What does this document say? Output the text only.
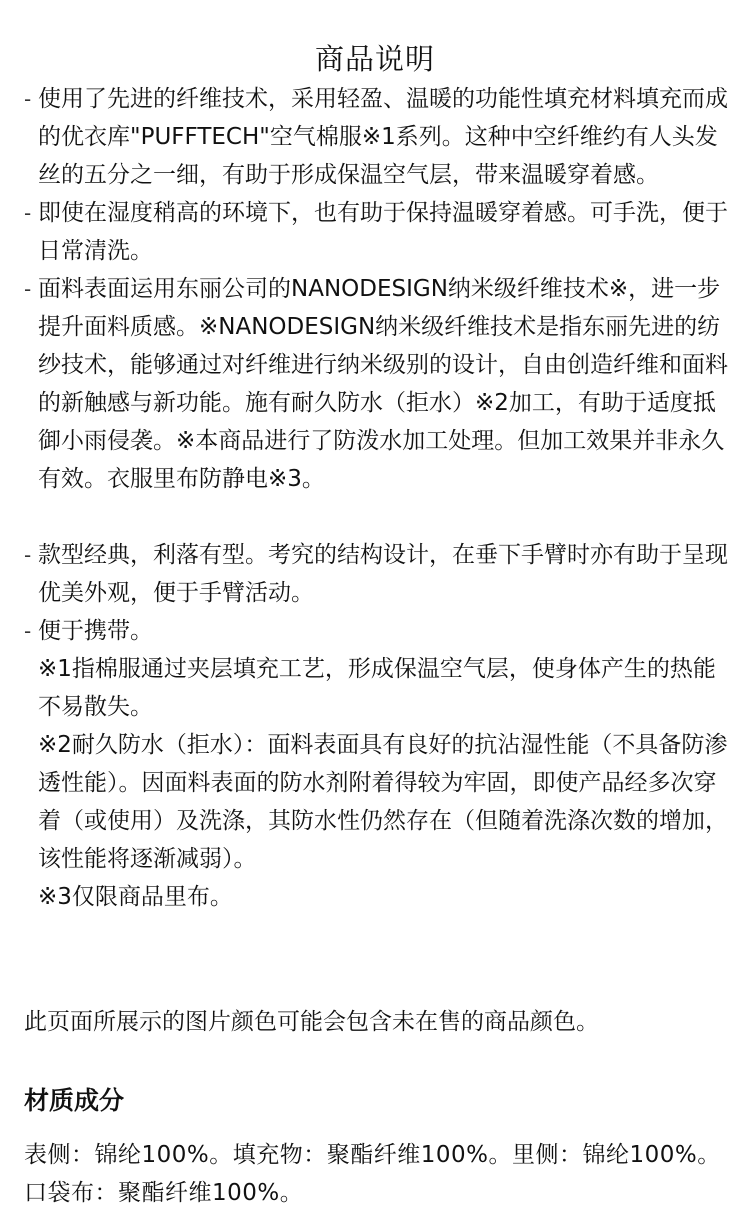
商品说明

- 使用了先进的纤维技术，采用轻盈、温暖的功能性填充材料填充而成的优衣库"PUFFTECH"空气棉服※1系列。这种中空纤维约有人头发丝的五分之一细，有助于形成保温空气层，带来温暖穿着感。

- 即使在湿度稍高的环境下，也有助于保持温暖穿着感。可手洗，便于日常清洗。

- 面料表面运用东丽公司的NANODESIGN纳米级纤维技术※，进一步提升面料质感。※NANODESIGN纳米级纤维技术是指东丽先进的纺纱技术，能够通过对纤维进行纳米级别的设计，自由创造纤维和面料的新触感与新功能。施有耐久防水（拒水）※2加工，有助于适度抵御小雨侵袭。※本商品进行了防泼水加工处理。但加工效果并非永久有效。衣服里布防静电※3。

- 款型经典，利落有型。考究的结构设计，在垂下手臂时亦有助于呈现优美外观，便于手臂活动。

- 便于携带。

※1指棉服通过夹层填充工艺，形成保温空气层，使身体产生的热能不易散失。

※2耐久防水（拒水）：面料表面具有良好的抗沾湿性能（不具备防渗透性能）。因面料表面的防水剂附着得较为牢固，即使产品经多次穿着（或使用）及洗涤，其防水性仍然存在（但随着洗涤次数的增加，该性能将逐渐减弱）。

※3仅限商品里布。

此页面所展示的图片颜色可能会包含未在售的商品颜色。

材质成分

表侧：锦纶100%。填充物：聚酯纤维100%。里侧：锦纶100%。口袋布：聚酯纤维100%。
